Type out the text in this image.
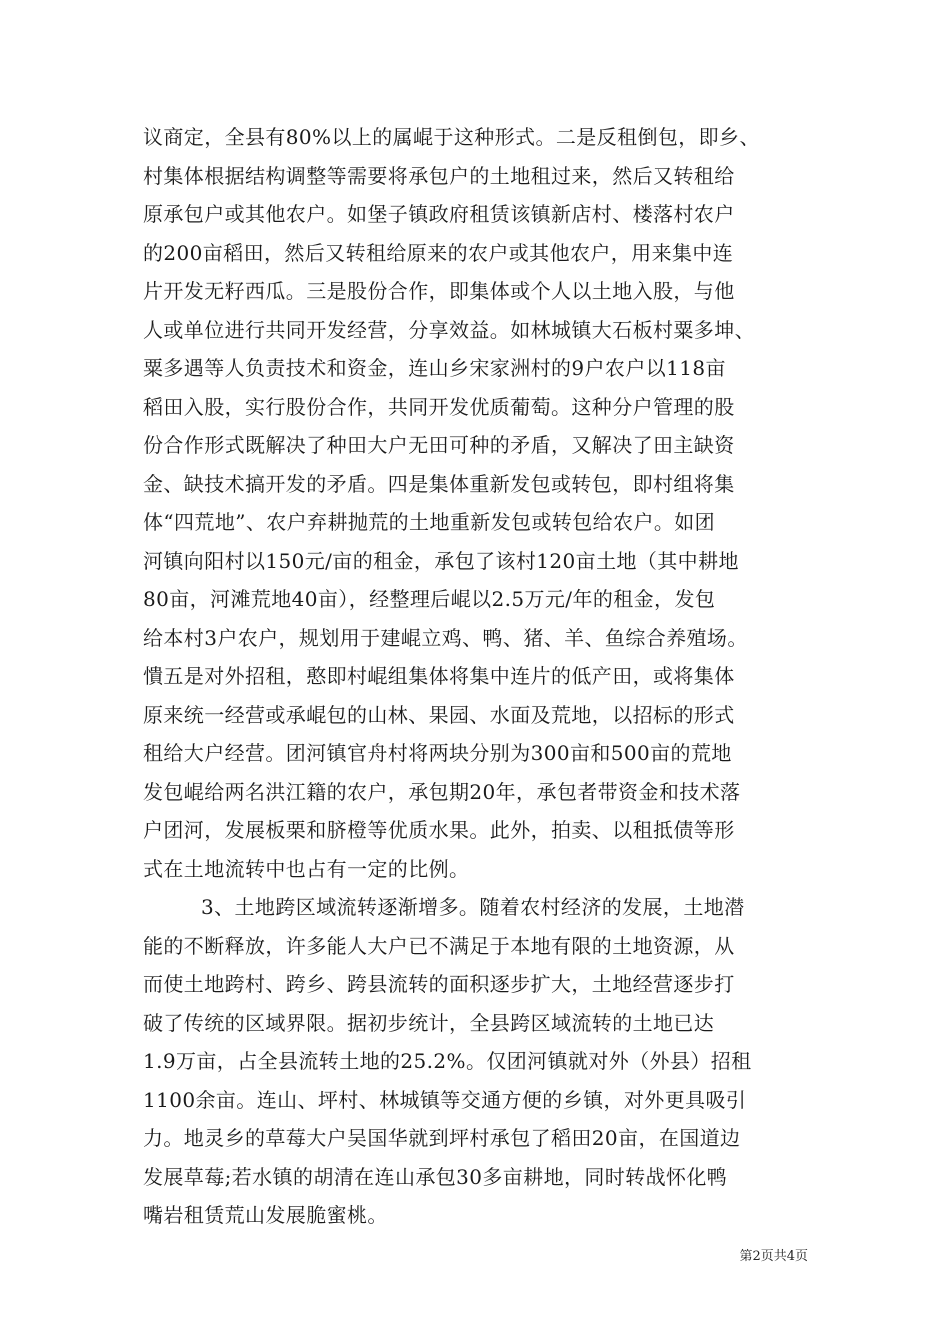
议商定，全县有80%以上的属崐于这种形式。二是反租倒包，即乡、
村集体根据结构调整等需要将承包户的土地租过来，然后又转租给
原承包户或其他农户。如堡子镇政府租赁该镇新店村、楼落村农户
的200亩稻田，然后又转租给原来的农户或其他农户，用来集中连
片开发无籽西瓜。三是股份合作，即集体或个人以土地入股，与他
人或单位进行共同开发经营，分享效益。如林城镇大石板村粟多坤、
粟多遇等人负责技术和资金，连山乡宋家洲村的9户农户以118亩
稻田入股，实行股份合作，共同开发优质葡萄。这种分户管理的股
份合作形式既解决了种田大户无田可种的矛盾，又解决了田主缺资
金、缺技术搞开发的矛盾。四是集体重新发包或转包，即村组将集
体“四荒地”、农户弃耕抛荒的土地重新发包或转包给农户。如团
河镇向阳村以150元/亩的租金，承包了该村120亩土地（其中耕地
80亩，河滩荒地40亩），经整理后崐以2.5万元/年的租金，发包
给本村3户农户，规划用于建崐立鸡、鸭、猪、羊、鱼综合养殖场。
憒五是对外招租，憨即村崐组集体将集中连片的低产田，或将集体
原来统一经营或承崐包的山林、果园、水面及荒地，以招标的形式
租给大户经营。团河镇官舟村将两块分别为300亩和500亩的荒地
发包崐给两名洪江籍的农户，承包期20年，承包者带资金和技术落
户团河，发展板栗和脐橙等优质水果。此外，拍卖、以租抵债等形
式在土地流转中也占有一定的比例。
3、土地跨区域流转逐渐增多。随着农村经济的发展，土地潜
能的不断释放，许多能人大户已不满足于本地有限的土地资源，从
而使土地跨村、跨乡、跨县流转的面积逐步扩大，土地经营逐步打
破了传统的区域界限。据初步统计，全县跨区域流转的土地已达
1.9万亩，占全县流转土地的25.2%。仅团河镇就对外（外县）招租
1100余亩。连山、坪村、林城镇等交通方便的乡镇，对外更具吸引
力。地灵乡的草莓大户吴国华就到坪村承包了稻田20亩，在国道边
发展草莓;若水镇的胡清在连山承包30多亩耕地，同时转战怀化鸭
嘴岩租赁荒山发展脆蜜桃。
第2页共4页
